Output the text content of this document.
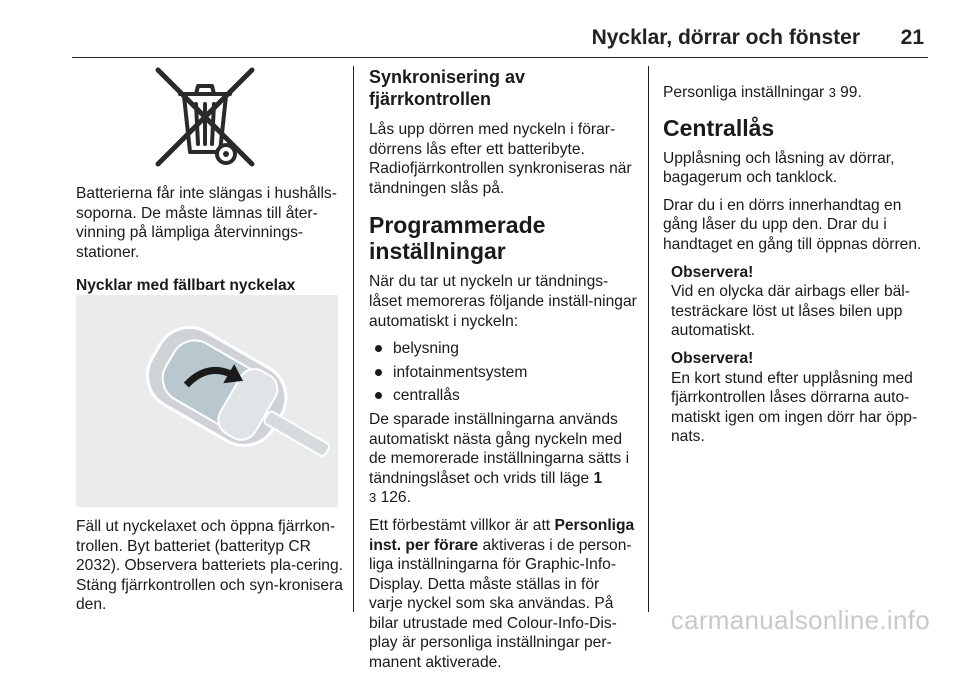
Nycklar, dörrar och fönster	21

Batterierna får inte slängas i hushålls-soporna. De måste lämnas till åter-vinning på lämpliga återvinnings-stationer.

Nycklar med fällbart nyckelax

Fäll ut nyckelaxet och öppna fjärrkon-trollen. Byt batteriet (batterityp CR 2032). Observera batteriets pla-cering. Stäng fjärrkontrollen och syn-kronisera den.

Synkronisering av fjärrkontrollen

Lås upp dörren med nyckeln i förar-dörrens lås efter ett batteribyte. Radiofjärrkontrollen synkroniseras när tändningen slås på.

Programmerade inställningar

När du tar ut nyckeln ur tändnings-låset memoreras följande inställ-ningar automatiskt i nyckeln:

belysning
infotainmentsystem
centrallås

De sparade inställningarna används automatiskt nästa gång nyckeln med de memorerade inställningarna sätts i tändningslåset och vrids till läge 1
3 126.

Ett förbestämt villkor är att Personliga inst. per förare aktiveras i de person-liga inställningarna för Graphic-Info-Display. Detta måste ställas in för varje nyckel som ska användas. På bilar utrustade med Colour-Info-Dis-play är personliga inställningar per-manent aktiverade.

Personliga inställningar 3 99.

Centrallås

Upplåsning och låsning av dörrar, bagagerum och tanklock.

Drar du i en dörrs innerhandtag en gång låser du upp den. Drar du i handtaget en gång till öppnas dörren.

Observera!
Vid en olycka där airbags eller bäl-testräckare löst ut låses bilen upp automatiskt.
Observera!
En kort stund efter upplåsning med fjärrkontrollen låses dörrarna auto-matiskt igen om ingen dörr har öpp-nats.
carmanualsonline.info
